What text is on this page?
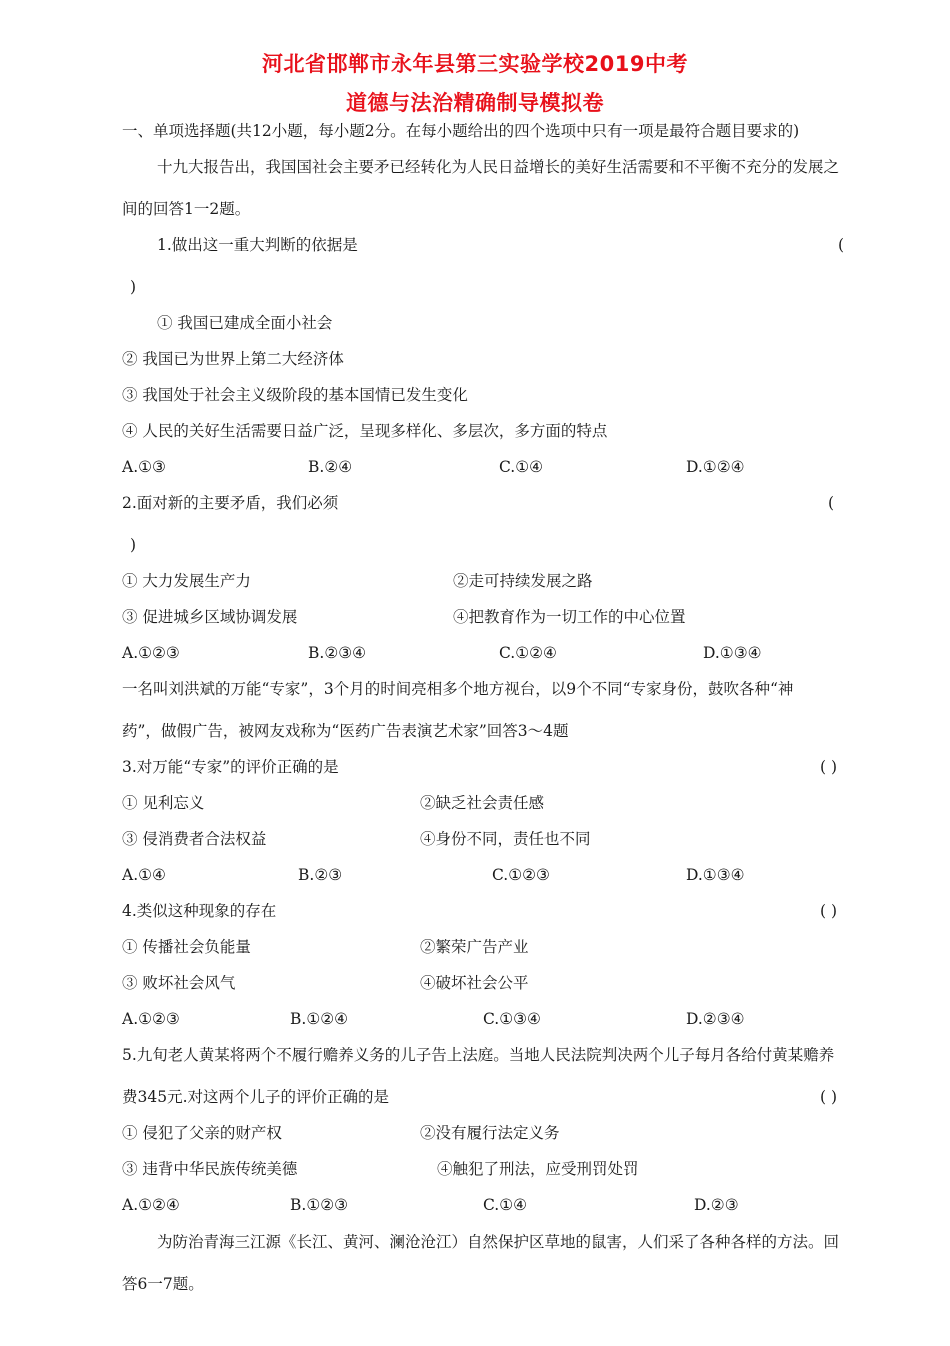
河北省邯郸市永年县第三实验学校2019中考
道德与法治精确制导模拟卷
一、单项选择题(共12小题，每小题2分。在每小题给出的四个选项中只有一项是最符合题目要求的)
十九大报告出，我国国社会主要矛已经转化为人民日益增长的美好生活需要和不平衡不充分的发展之
间的回答1一2题。
1.做出这一重大判断的依据是	(
)
① 我国已建成全面小社会
② 我国已为世界上第二大经济体
③ 我国处于社会主义级阶段的基本国情已发生变化
④ 人民的关好生活需要日益广泛，呈现多样化、多层次，多方面的特点
A.①③	B.②④	C.①④	D.①②④
2.面对新的主要矛盾，我们必须	(
)
① 大力发展生产力	②走可持续发展之路
③ 促进城乡区域协调发展	④把教育作为一切工作的中心位置
A.①②③	B.②③④	C.①②④	D.①③④
一名叫刘洪斌的万能“专家”，3个月的时间亮相多个地方视台，以9个不同“专家身份，鼓吹各种“神
药”，做假广告，被网友戏称为“医药广告表演艺术家”回答3～4题
3.对万能“专家”的评价正确的是	( )
① 见利忘义	②缺乏社会责任感
③ 侵消费者合法权益	④身份不同，责任也不同
A.①④	B.②③	C.①②③	D.①③④
4.类似这种现象的存在	( )
① 传播社会负能量	②繁荣广告产业
③ 败坏社会风气	④破坏社会公平
A.①②③	B.①②④	C.①③④	D.②③④
5.九旬老人黄某将两个不履行赡养义务的儿子告上法庭。当地人民法院判决两个儿子每月各给付黄某赡养
费345元.对这两个儿子的评价正确的是	( )
① 侵犯了父亲的财产权	②没有履行法定义务
③ 违背中华民族传统美德	④触犯了刑法，应受刑罚处罚
A.①②④	B.①②③	C.①④	D.②③
为防治青海三江源《长江、黄河、澜沧沧江）自然保护区草地的鼠害，人们采了各种各样的方法。回
答6一7题。
